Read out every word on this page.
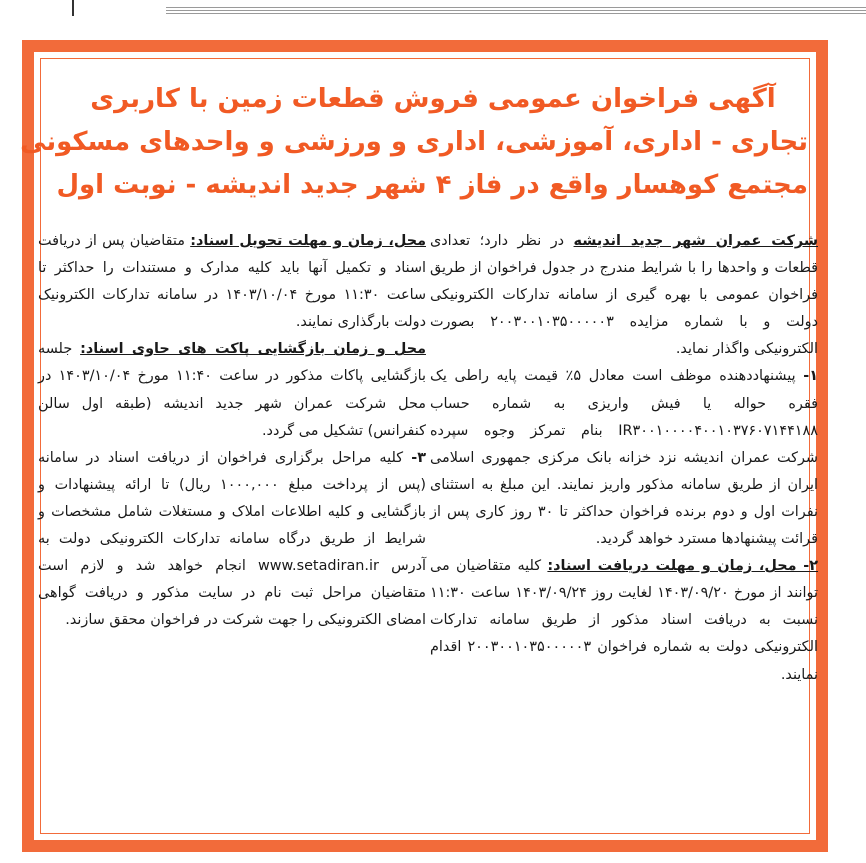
آگهی فراخوان عمومی فروش قطعات زمین با کاربری
تجاری - اداری، آموزشی، اداری و ورزشی و واحدهای مسکونی
مجتمع کوهسار واقع در فاز ۴ شهر جدید اندیشه - نوبت اول

شرکت عمران شهر جدید اندیشه در نظر دارد؛ تعدادی قطعات و واحدها را با شرایط مندرج در جدول فراخوان از طریق فراخوان عمومی با بهره گیری از سامانه تدارکات الکترونیکی دولت و با شماره مزایده ۲۰۰۳۰۰۱۰۳۵۰۰۰۰۰۳ بصورت الکترونیکی واگذار نماید.

۱- پیشنهاددهنده موظف است معادل ۵٪ قیمت پایه راطی یک فقره حواله یا فیش واریزی به شماره حساب IR۳۰۰۱۰۰۰۰۴۰۰۱۰۳۷۶۰۷۱۴۴۱۸۸ بنام تمرکز وجوه سپرده شرکت عمران اندیشه نزد خزانه بانک مرکزی جمهوری اسلامی ایران از طریق سامانه مذکور واریز نمایند. این مبلغ به استثنای نفرات اول و دوم برنده فراخوان حداکثر تا ۳۰ روز کاری پس از قرائت پیشنهادها مسترد خواهد گردید.

۲- محل، زمان و مهلت دریافت اسناد: کلیه متقاضیان می توانند از مورخ ۱۴۰۳/۰۹/۲۰ لغایت روز ۱۴۰۳/۰۹/۲۴ ساعت ۱۱:۳۰ نسبت به دریافت اسناد مذکور از طریق سامانه تدارکات الکترونیکی دولت به شماره فراخوان ۲۰۰۳۰۰۱۰۳۵۰۰۰۰۰۳ اقدام نمایند.

محل، زمان و مهلت تحویل اسناد: متقاضیان پس از دریافت اسناد و تکمیل آنها باید کلیه مدارک و مستندات را حداکثر تا ساعت ۱۱:۳۰ مورخ ۱۴۰۳/۱۰/۰۴ در سامانه تدارکات الکترونیک دولت بارگذاری نمایند.

محل و زمان بازگشایی پاکت های حاوی اسناد: جلسه بازگشایی پاکات مذکور در ساعت ۱۱:۴۰ مورخ ۱۴۰۳/۱۰/۰۴ در محل شرکت عمران شهر جدید اندیشه (طبقه اول سالن کنفرانس) تشکیل می گردد.

۳- کلیه مراحل برگزاری فراخوان از دریافت اسناد در سامانه (پس از پرداخت مبلغ ۱۰۰۰,۰۰۰ ریال) تا ارائه پیشنهادات و بازگشایی و کلیه اطلاعات املاک و مستغلات شامل مشخصات و شرایط از طریق درگاه سامانه تدارکات الکترونیکی دولت به آدرس www.setadiran.ir انجام خواهد شد و لازم است متقاضیان مراحل ثبت نام در سایت مذکور و دریافت گواهی امضای الکترونیکی را جهت شرکت در فراخوان محقق سازند.
